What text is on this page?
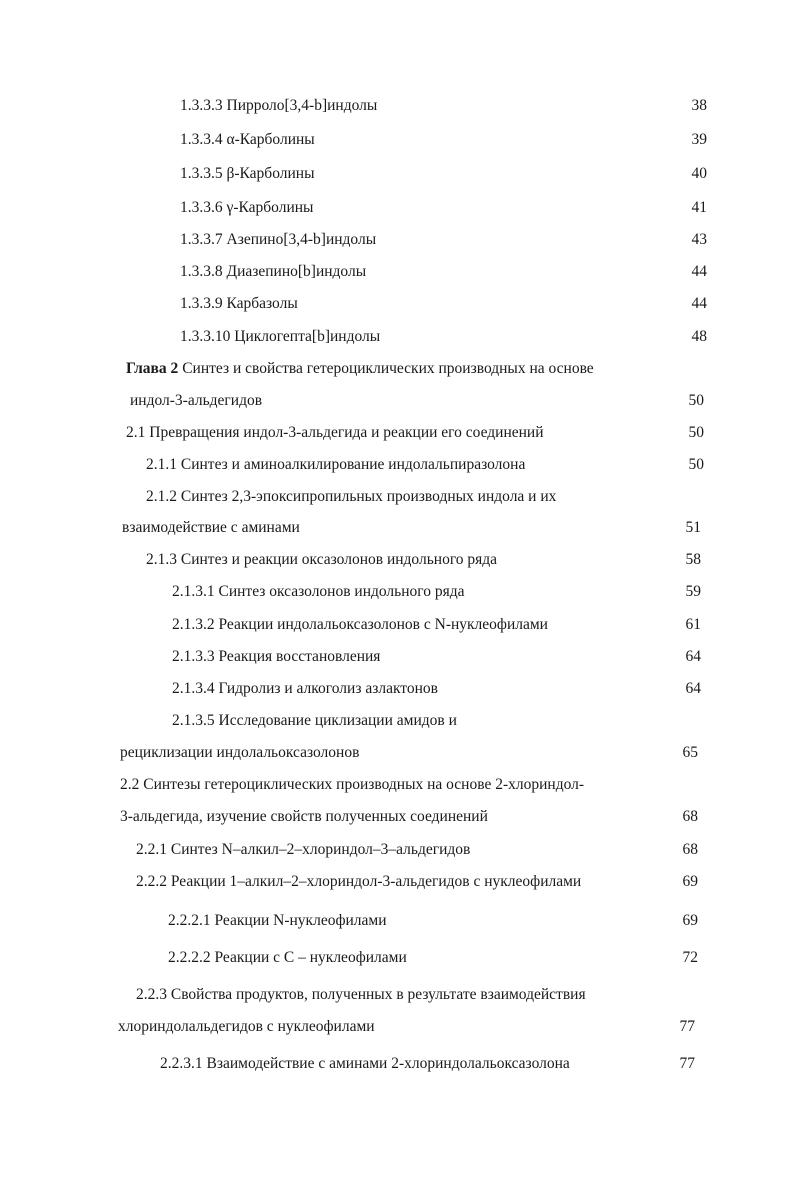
1.3.3.3 Пирроло[3,4-b]индолы	38
1.3.3.4 α-Карболины	39
1.3.3.5 β-Карболины	40
1.3.3.6 γ-Карболины	41
1.3.3.7 Азепино[3,4-b]индолы	43
1.3.3.8 Диазепино[b]индолы	44
1.3.3.9 Карбазолы	44
1.3.3.10 Циклогепта[b]индолы	48
Глава 2 Синтез и свойства гетероциклических производных на основе
индол-3-альдегидов	50
2.1 Превращения индол-3-альдегида и реакции его соединений	50
2.1.1 Синтез и аминоалкилирование индолальпиразолона	50
2.1.2 Синтез 2,3-эпоксипропильных производных индола и их
взаимодействие с аминами	51
2.1.3 Синтез и реакции оксазолонов индольного ряда	58
2.1.3.1 Синтез оксазолонов индольного ряда	59
2.1.3.2 Реакции индолальоксазолонов с N-нуклеофилами	61
2.1.3.3 Реакция восстановления	64
2.1.3.4 Гидролиз и алкоголиз азлактонов	64
2.1.3.5 Исследование циклизации амидов и
рециклизации индолальоксазолонов	65
2.2 Синтезы гетероциклических производных на основе 2-хлориндол-
3-альдегида, изучение свойств полученных соединений	68
2.2.1 Синтез N–алкил–2–хлориндол–3–альдегидов	68
2.2.2 Реакции 1–алкил–2–хлориндол-3-альдегидов с нуклеофилами	69
2.2.2.1 Реакции N-нуклеофилами	69
2.2.2.2 Реакции с С – нуклеофилами	72
2.2.3 Свойства продуктов, полученных в результате взаимодействия
хлориндолальдегидов с нуклеофилами	77
2.2.3.1 Взаимодействие с аминами 2-хлориндолальоксазолона	77
